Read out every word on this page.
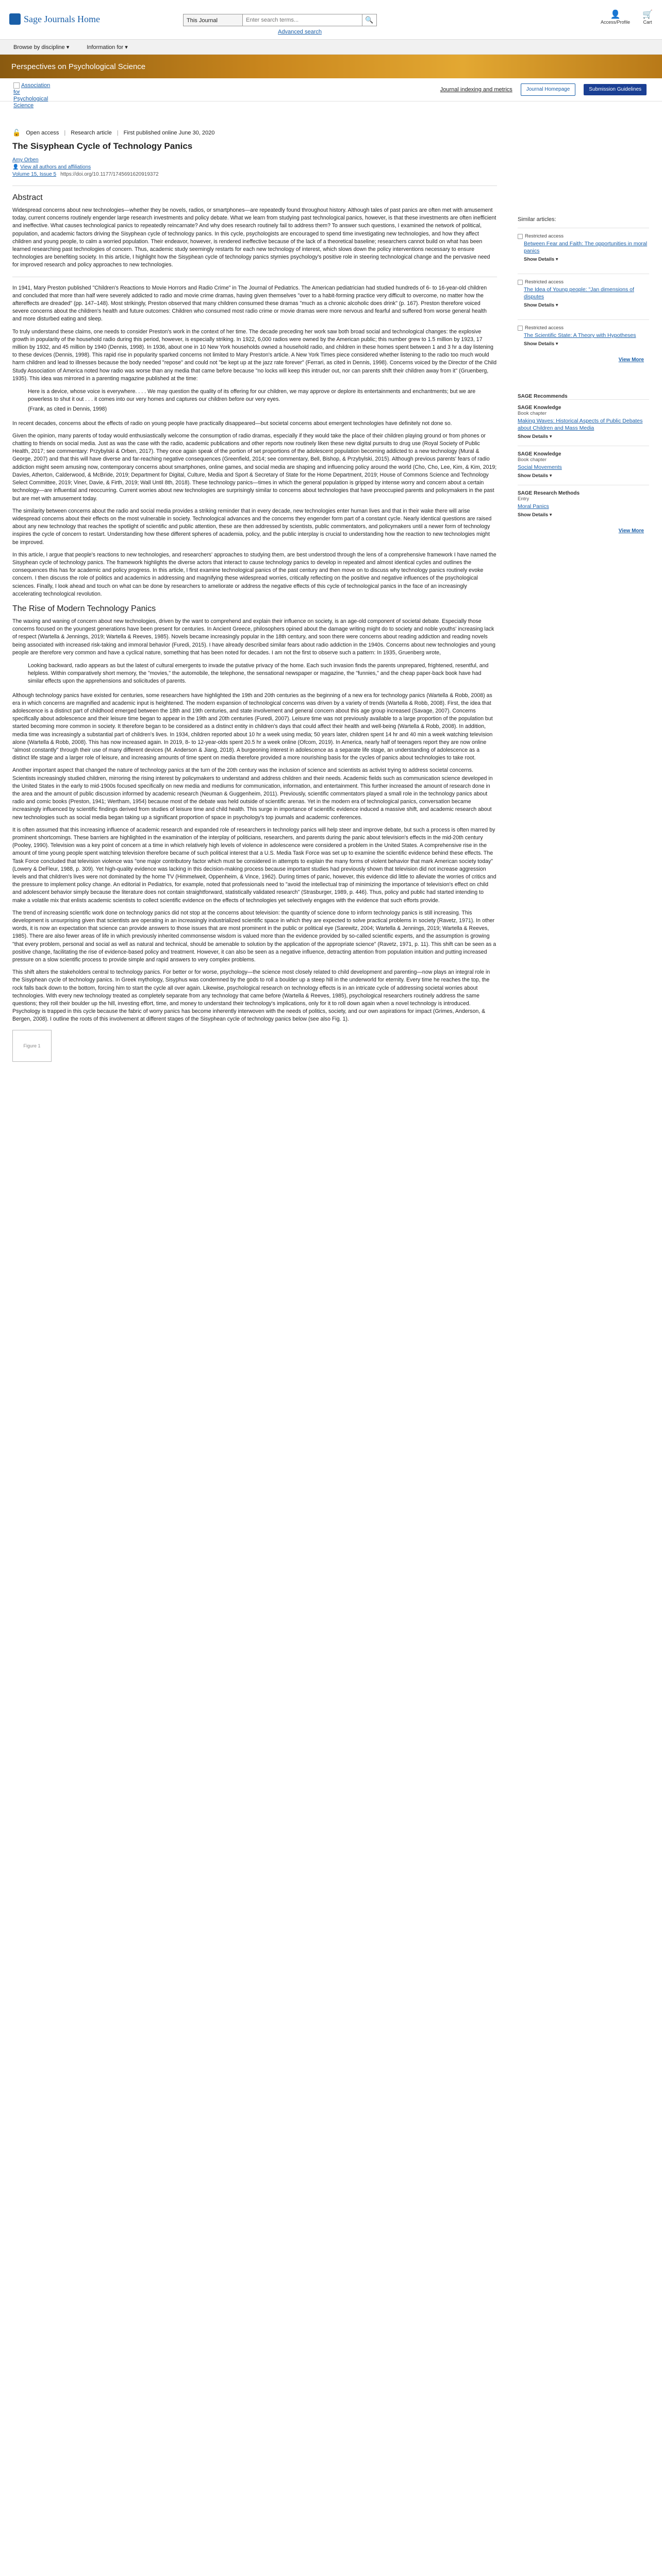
Sage Journals Home	This Journal
Enter search terms...	🔍
Advanced search
👤
Access/Profile
🛒
Cart
Browse by discipline ▾	Information for ▾
Perspectives on Psychological Science
Association for Psychological Science
Journal indexing and metrics	Journal Homepage	Submission Guidelines
🔓 Open access | Research article | First published online June 30, 2020
The Sisyphean Cycle of Technology Panics
Amy Orben
👤 View all authors and affiliations
Volume 15, Issue 5 https://doi.org/10.1177/1745691620919372
Abstract

Widespread concerns about new technologies—whether they be novels, radios, or smartphones—are repeatedly found throughout history. Although tales of past panics are often met with amusement today, current concerns routinely engender large research investments and policy debate. What we learn from studying past technological panics, however, is that these investments are often inefficient and ineffective. What causes technological panics to repeatedly reincarnate? And why does research routinely fail to address them? To answer such questions, I examined the network of political, population, and academic factors driving the Sisyphean cycle of technology panics. In this cycle, psychologists are encouraged to spend time investigating new technologies, and how they affect children and young people, to calm a worried population. Their endeavor, however, is rendered ineffective because of the lack of a theoretical baseline; researchers cannot build on what has been learned researching past technologies of concern. Thus, academic study seemingly restarts for each new technology of interest, which slows down the policy interventions necessary to ensure technologies are benefiting society. In this article, I highlight how the Sisyphean cycle of technology panics stymies psychology's positive role in steering technological change and the pervasive need for improved research and policy approaches to new technologies.

In 1941, Mary Preston published "Children's Reactions to Movie Horrors and Radio Crime" in The Journal of Pediatrics. The American pediatrician had studied hundreds of 6- to 16-year-old children and concluded that more than half were severely addicted to radio and movie crime dramas, having given themselves "over to a habit-forming practice very difficult to overcome, no matter how the aftereffects are dreaded" (pp. 147–148). Most strikingly, Preston observed that many children consumed these dramas "much as a chronic alcoholic does drink" (p. 167). Preston therefore voiced severe concerns about the children's health and future outcomes: Children who consumed most radio crime or movie dramas were more nervous and fearful and suffered from worse general health and more disturbed eating and sleep.

To truly understand these claims, one needs to consider Preston's work in the context of her time. The decade preceding her work saw both broad social and technological changes: the explosive growth in popularity of the household radio during this period, however, is especially striking. In 1922, 6,000 radios were owned by the American public; this number grew to 1.5 million by 1923, 17 million by 1932, and 45 million by 1940 (Dennis, 1998). In 1936, about one in 10 New York households owned a household radio, and children in these homes spent between 1 and 3 hr a day listening to these devices (Dennis, 1998). This rapid rise in popularity sparked concerns not limited to Mary Preston's article. A New York Times piece considered whether listening to the radio too much would harm children and lead to illnesses because the body needed "repose" and could not "be kept up at the jazz rate forever" (Ferrari, as cited in Dennis, 1998). Concerns voiced by the Director of the Child Study Association of America noted how radio was worse than any media that came before because "no locks will keep this intruder out, nor can parents shift their children away from it" (Gruenberg, 1935). This idea was mirrored in a parenting magazine published at the time:

Here is a device, whose voice is everywhere. . . . We may question the quality of its offering for our children, we may approve or deplore its entertainments and enchantments; but we are powerless to shut it out . . . it comes into our very homes and captures our children before our very eyes.

(Frank, as cited in Dennis, 1998)

In recent decades, concerns about the effects of radio on young people have practically disappeared—but societal concerns about emergent technologies have definitely not done so.

Given the opinion, many parents of today would enthusiastically welcome the consumption of radio dramas, especially if they would take the place of their children playing ground or from phones or chatting to friends on social media. Just as was the case with the radio, academic publications and other reports now routinely liken these new digital pursuits to drug use (Royal Society of Public Health, 2017; see commentary: Przybylski & Orben, 2017). They once again speak of the portion of set proportions of the adolescent population becoming addicted to a new technology (Mural & George, 2007) and that this will have diverse and far-reaching negative consequences (Greenfield, 2014; see commentary, Bell, Bishop, & Przybylski, 2015). Although previous parents' fears of radio addiction might seem amusing now, contemporary concerns about smartphones, online games, and social media are shaping and influencing policy around the world (Cho, Cho, Lee, Kim, & Kim, 2019; Davies, Atherton, Calderwood, & McBride, 2019; Department for Digital, Culture, Media and Sport & Secretary of State for the Home Department, 2019; House of Commons Science and Technology Select Committee, 2019; Viner, Davie, & Firth, 2019; Wall Until 8th, 2018). These technology panics—times in which the general population is gripped by intense worry and concern about a certain technology—are influential and reoccurring. Current worries about new technologies are surprisingly similar to concerns about technologies that have preoccupied parents and policymakers in the past but are met with amusement today.

The similarity between concerns about the radio and social media provides a striking reminder that in every decade, new technologies enter human lives and that in their wake there will arise widespread concerns about their effects on the most vulnerable in society. Technological advances and the concerns they engender form part of a constant cycle. Nearly identical questions are raised about any new technology that reaches the spotlight of scientific and public attention, these are then addressed by scientists, public commentators, and policymakers until a newer form of technology inspires the cycle of concern to restart. Understanding how these different spheres of academia, policy, and the public interplay is crucial to understanding how the reaction to new technologies might be improved.

In this article, I argue that people's reactions to new technologies, and researchers' approaches to studying them, are best understood through the lens of a comprehensive framework I have named the Sisyphean cycle of technology panics. The framework highlights the diverse actors that interact to cause technology panics to develop in repeated and almost identical cycles and outlines the consequences this has for academic and policy progress. In this article, I first examine technological panics of the past century and then move on to discuss why technology panics routinely evoke concern. I then discuss the role of politics and academics in addressing and magnifying these widespread worries, critically reflecting on the positive and negative influences of the psychological sciences. Finally, I look ahead and touch on what can be done by researchers to ameliorate or address the negative effects of this cycle of technological panics in the face of an increasingly accelerating technological revolution.

The Rise of Modern Technology Panics

The waxing and waning of concern about new technologies, driven by the want to comprehend and explain their influence on society, is an age-old component of societal debate. Especially those concerns focused on the youngest generations have been present for centuries. In Ancient Greece, philosophers opined about the damage writing might do to society and noble youths' increasing lack of respect (Wartella & Jennings, 2019; Wartella & Reeves, 1985). Novels became increasingly popular in the 18th century, and soon there were concerns about reading addiction and reading novels being associated with increased risk-taking and immoral behavior (Furedi, 2015). I have already described similar fears about radio addiction in the 1940s. Concerns about new technologies and young people are therefore very common and have a cyclical nature, something that has been noted for decades. I am not the first to observe such a pattern: In 1935, Gruenberg wrote,

Looking backward, radio appears as but the latest of cultural emergents to invade the putative privacy of the home. Each such invasion finds the parents unprepared, frightened, resentful, and helpless. Within comparatively short memory, the "movies," the automobile, the telephone, the sensational newspaper or magazine, the "funnies," and the cheap paper-back book have had similar effects upon the apprehensions and solicitudes of parents.

Although technology panics have existed for centuries, some researchers have highlighted the 19th and 20th centuries as the beginning of a new era for technology panics (Wartella & Robb, 2008) as era in which concerns are magnified and academic input is heightened. The modern expansion of technological concerns was driven by a variety of trends (Wartella & Robb, 2008). First, the idea that adolescence is a distinct part of childhood emerged between the 18th and 19th centuries, and state involvement and general concern about this age group increased (Savage, 2007). Concerns specifically about adolescence and their leisure time began to appear in the 19th and 20th centuries (Furedi, 2007). Leisure time was not previously available to a large proportion of the population but started becoming more common in society. It therefore began to be considered as a distinct entity in children's days that could affect their health and well-being (Wartella & Robb, 2008). In addition, media time was increasingly a substantial part of children's lives. In 1934, children reported about 10 hr a week using media; 50 years later, children spent 14 hr and 40 min a week watching television alone (Wartella & Robb, 2008). This has now increased again. In 2019, 8- to 12-year-olds spent 20.5 hr a week online (Ofcom, 2019). In America, nearly half of teenagers report they are now online "almost constantly" through their use of many different devices (M. Anderson & Jiang, 2018). A burgeoning interest in adolescence as a separate life stage, an understanding of adolescence as a distinct life stage and a larger role of leisure, and increasing amounts of time spent on media therefore provided a more nourishing basis for the cycles of panics about technologies to take root.

Another important aspect that changed the nature of technology panics at the turn of the 20th century was the inclusion of science and scientists as activist trying to address societal concerns. Scientists increasingly studied children, mirroring the rising interest by policymakers to understand and address children and their needs. Academic fields such as communication science developed in the United States in the early to mid-1900s focused specifically on new media and mediums for communication, information, and entertainment. This further increased the amount of research done in the area and the amount of public discussion informed by academic research (Neuman & Guggenheim, 2011). Previously, scientific commentators played a small role in the technology panics about radio and comic books (Preston, 1941; Wertham, 1954) because most of the debate was held outside of scientific arenas. Yet in the modern era of technological panics, conversation became increasingly influenced by scientific findings derived from studies of leisure time and child health. This surge in importance of scientific evidence induced a massive shift, and academic research about new technologies such as social media began taking up a significant proportion of space in psychology's top journals and academic conferences.

It is often assumed that this increasing influence of academic research and expanded role of researchers in technology panics will help steer and improve debate, but such a process is often marred by prominent shortcomings. These barriers are highlighted in the examination of the interplay of politicians, researchers, and parents during the panic about television's effects in the mid-20th century (Pooley, 1990). Television was a key point of concern at a time in which relatively high levels of violence in adolescence were considered a problem in the United States. A comprehensive rise in the amount of time young people spent watching television therefore became of such political interest that a U.S. Media Task Force was set up to examine the scientific evidence behind these effects. The Task Force concluded that television violence was "one major contributory factor which must be considered in attempts to explain the many forms of violent behavior that mark American society today" (Lowery & DeFleur, 1988, p. 309). Yet high-quality evidence was lacking in this decision-making process because important studies had previously shown that television did not increase aggression levels and that children's lives were not dominated by the home TV (Himmelweit, Oppenheim, & Vince, 1962). During times of panic, however, this evidence did little to alleviate the worries of critics and the pressure to implement policy change. An editorial in Pediatrics, for example, noted that professionals need to "avoid the intellectual trap of minimizing the importance of television's effect on child and adolescent behavior simply because the literature does not contain straightforward, statistically validated research" (Strasburger, 1989, p. 446). Thus, policy and public had started intending to make a volatile mix that enlists academic scientists to collect scientific evidence on the effects of technologies yet selectively engages with the evidence that such efforts provide.

The trend of increasing scientific work done on technology panics did not stop at the concerns about television: the quantity of science done to inform technology panics is still increasing. This development is unsurprising given that scientists are operating in an increasingly industrialized scientific space in which they are expected to solve practical problems in society (Ravetz, 1971). In other words, it is now an expectation that science can provide answers to those issues that are most prominent in the public or political eye (Sarewitz, 2004; Wartella & Jennings, 2019; Wartella & Reeves, 1985). There are also fewer areas of life in which previously inherited commonsense wisdom is valued more than the evidence provided by so-called scientific experts, and the assumption is growing "that every problem, personal and social as well as natural and technical, should be amenable to solution by the application of the appropriate science" (Ravetz, 1971, p. 11). This shift can be seen as a positive change, facilitating the rise of evidence-based policy and treatment. However, it can also be seen as a negative influence, detracting attention from population intuition and putting increased pressure on a slow scientific process to provide simple and rapid answers to very complex problems.

This shift alters the stakeholders central to technology panics. For better or for worse, psychology—the science most closely related to child development and parenting—now plays an integral role in the Sisyphean cycle of technology panics. In Greek mythology, Sisyphus was condemned by the gods to roll a boulder up a steep hill in the underworld for eternity. Every time he reaches the top, the rock falls back down to the bottom, forcing him to start the cycle all over again. Likewise, psychological research on technology effects is in an intricate cycle of addressing societal worries about technologies. With every new technology treated as completely separate from any technology that came before (Wartella & Reeves, 1985), psychological researchers routinely address the same questions; they roll their boulder up the hill, investing effort, time, and money to understand their technology's implications, only for it to roll down again when a novel technology is introduced. Psychology is trapped in this cycle because the fabric of worry panics has become inherently interwoven with the needs of politics, society, and our own aspirations for impact (Grimes, Anderson, & Bergen, 2008). I outline the roots of this involvement at different stages of the Sisyphean cycle of technology panics below (see also Fig. 1).

Figure 1
Similar articles:
Restricted access
Between Fear and Faith: The opportunities in moral panics
Show Details ▾
Restricted access
The Idea of Young people: "Jan dimensions of disputes
Show Details ▾
Restricted access
The Scientific State: A Theory with Hypotheses
Show Details ▾
View More
SAGE Recommends
SAGE Knowledge
Book chapter
Making Waves: Historical Aspects of Public Debates about Children and Mass Media
Show Details ▾
SAGE Knowledge
Book chapter
Social Movements
Show Details ▾
SAGE Research Methods
Entry
Moral Panics
Show Details ▾
View More
